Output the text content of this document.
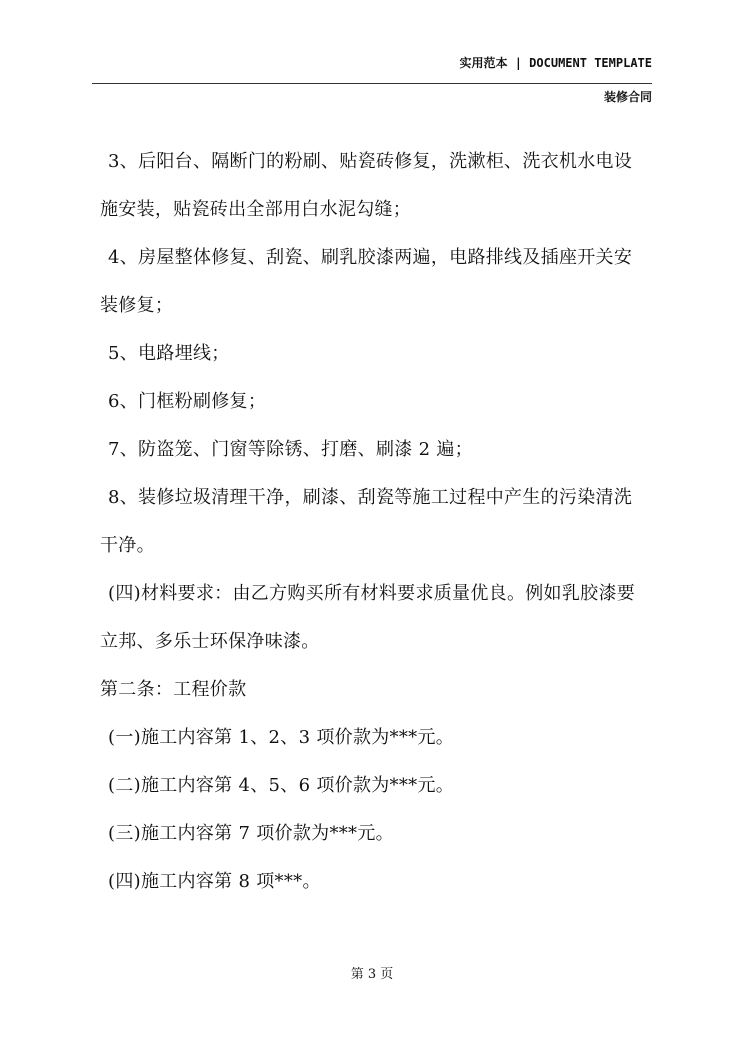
实用范本 | DOCUMENT TEMPLATE
装修合同

3、后阳台、隔断门的粉刷、贴瓷砖修复，洗漱柜、洗衣机水电设

施安装，贴瓷砖出全部用白水泥勾缝；

4、房屋整体修复、刮瓷、刷乳胶漆两遍，电路排线及插座开关安

装修复；

5、电路埋线；

6、门框粉刷修复；

7、防盗笼、门窗等除锈、打磨、刷漆 2 遍；

8、装修垃圾清理干净，刷漆、刮瓷等施工过程中产生的污染清洗

干净。

(四)材料要求：由乙方购买所有材料要求质量优良。例如乳胶漆要

立邦、多乐士环保净味漆。

第二条：工程价款

(一)施工内容第 1、2、3 项价款为***元。

(二)施工内容第 4、5、6 项价款为***元。

(三)施工内容第 7 项价款为***元。

(四)施工内容第 8 项***。

第 3 页
